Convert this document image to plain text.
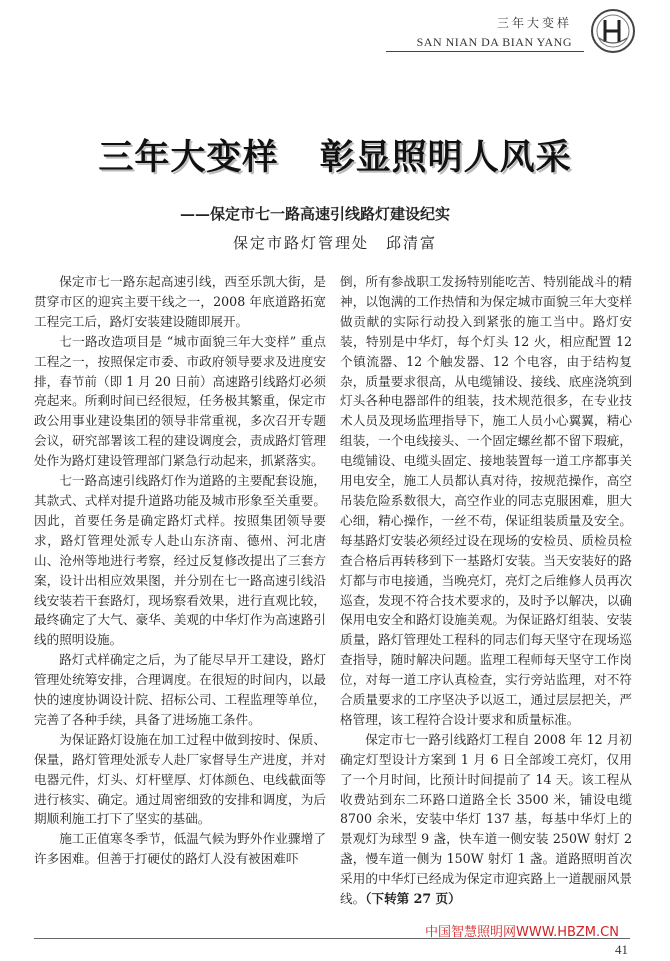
三年大变样
SAN NIAN DA BIAN YANG
三年大变样 彰显照明人风采
——保定市七一路高速引线路灯建设纪实
保定市路灯管理处　邱清富

保定市七一路东起高速引线，西至乐凯大街，是贯穿市区的迎宾主要干线之一，2008 年底道路拓宽工程完工后，路灯安装建设随即展开。

七一路改造项目是 “城市面貌三年大变样” 重点工程之一，按照保定市委、市政府领导要求及进度安排，春节前（即 1 月 20 日前）高速路引线路灯必须亮起来。所剩时间已经很短，任务极其繁重，保定市政公用事业建设集团的领导非常重视，多次召开专题会议，研究部署该工程的建设调度会，责成路灯管理处作为路灯建设管理部门紧急行动起来，抓紧落实。

七一路高速引线路灯作为道路的主要配套设施，其款式、式样对提升道路功能及城市形象至关重要。因此，首要任务是确定路灯式样。按照集团领导要求，路灯管理处派专人赴山东济南、德州、河北唐山、沧州等地进行考察，经过反复修改提出了三套方案，设计出相应效果图，并分别在七一路高速引线沿线安装若干套路灯，现场察看效果，进行直观比较，最终确定了大气、豪华、美观的中华灯作为高速路引线的照明设施。

路灯式样确定之后，为了能尽早开工建设，路灯管理处统筹安排，合理调度。在很短的时间内，以最快的速度协调设计院、招标公司、工程监理等单位，完善了各种手续，具备了进场施工条件。

为保证路灯设施在加工过程中做到按时、保质、保量，路灯管理处派专人赴厂家督导生产进度，并对电器元件，灯头、灯杆壁厚、灯体颜色、电线截面等进行核实、确定。通过周密细致的安排和调度，为后期顺利施工打下了坚实的基础。

施工正值寒冬季节，低温气候为野外作业骤增了许多困难。但善于打硬仗的路灯人没有被困难吓

倒，所有参战职工发扬特别能吃苦、特别能战斗的精神，以饱满的工作热情和为保定城市面貌三年大变样做贡献的实际行动投入到紧张的施工当中。路灯安装，特别是中华灯，每个灯头 12 火，相应配置 12 个镇流器、12 个触发器、12 个电容，由于结构复杂，质量要求很高，从电缆铺设、接线、底座浇筑到灯头各种电器部件的组装，技术规范很多，在专业技术人员及现场监理指导下，施工人员小心翼翼，精心组装，一个电线接头、一个固定螺丝都不留下瑕疵，电缆铺设、电缆头固定、接地装置每一道工序都事关用电安全，施工人员都认真对待，按规范操作，高空吊装危险系数很大，高空作业的同志克服困难，胆大心细，精心操作，一丝不苟，保证组装质量及安全。每基路灯安装必须经过设在现场的安检员、质检员检查合格后再转移到下一基路灯安装。当天安装好的路灯都与市电接通，当晚亮灯，亮灯之后维修人员再次巡查，发现不符合技术要求的，及时予以解决，以确保用电安全和路灯设施美观。为保证路灯组装、安装质量，路灯管理处工程科的同志们每天坚守在现场巡查指导，随时解决问题。监理工程师每天坚守工作岗位，对每一道工序认真检查，实行旁站监理，对不符合质量要求的工序坚决予以返工，通过层层把关，严格管理，该工程符合设计要求和质量标准。

保定市七一路引线路灯工程自 2008 年 12 月初确定灯型设计方案到 1 月 6 日全部竣工亮灯，仅用了一个月时间，比预计时间提前了 14 天。该工程从收费站到东二环路口道路全长 3500 米，铺设电缆 8700 余米，安装中华灯 137 基，每基中华灯上的景观灯为球型 9 盏，快车道一侧安装 250W 射灯 2 盏，慢车道一侧为 150W 射灯 1 盏。道路照明首次采用的中华灯已经成为保定市迎宾路上一道靓丽风景线。（下转第 27 页）

中国智慧照明网WWW.HBZM.CN
41
